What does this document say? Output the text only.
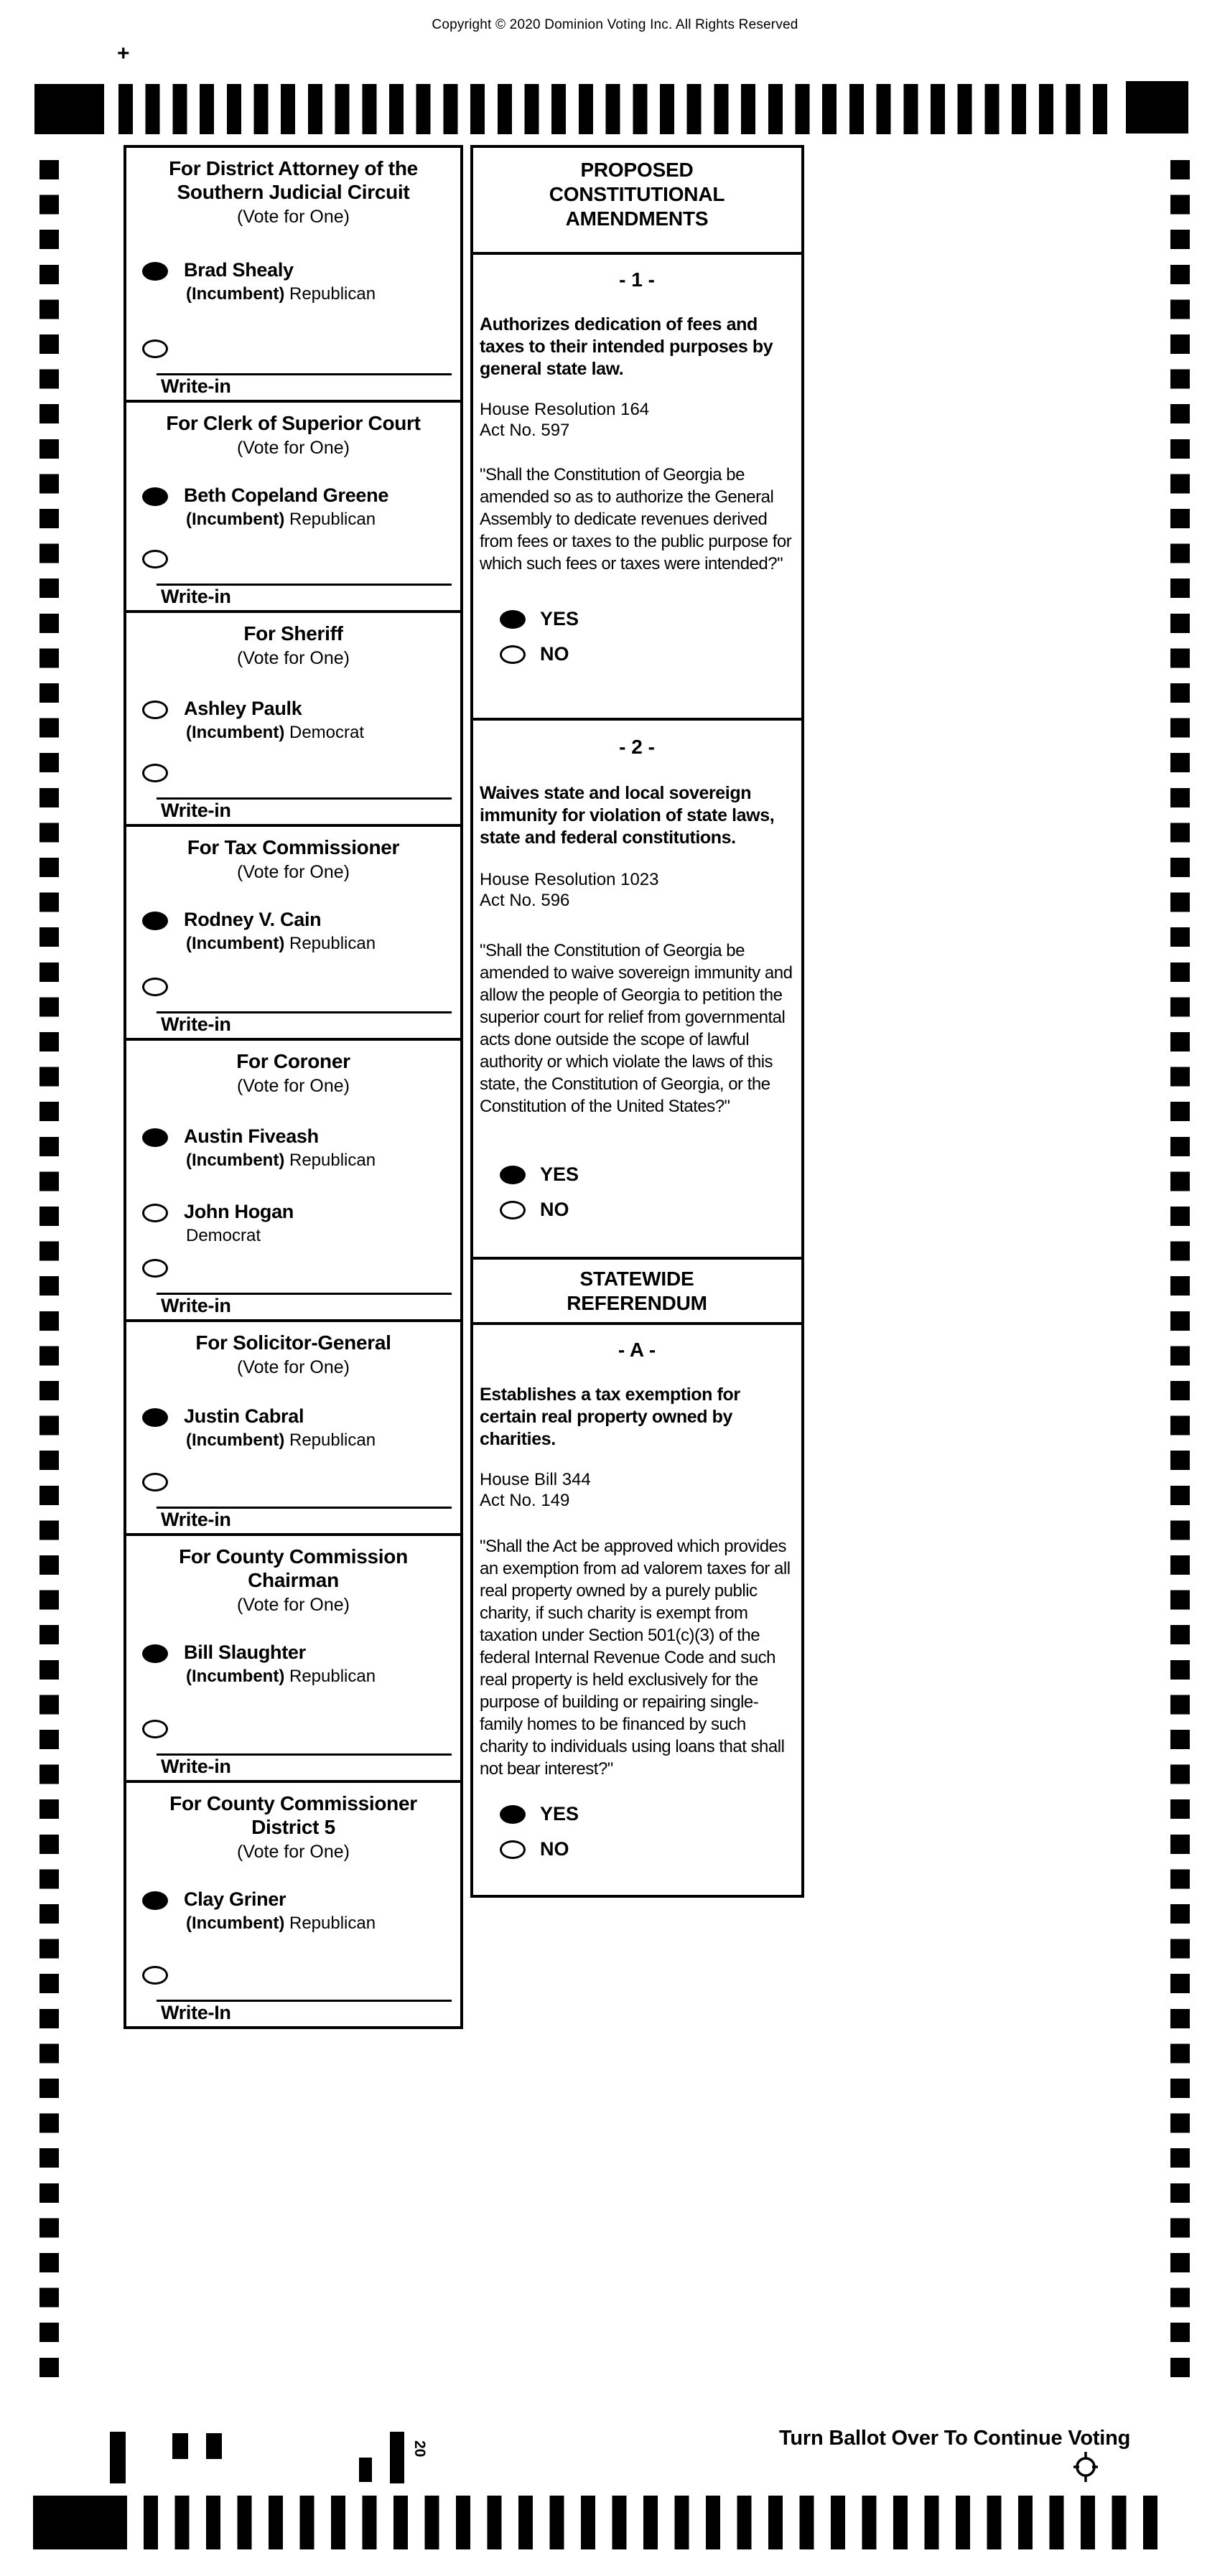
Copyright © 2020 Dominion Voting Inc. All Rights Reserved
+
For District Attorney of the
Southern Judicial Circuit
(Vote for One)
Brad Shealy
(Incumbent) Republican
Write-in
For Clerk of Superior Court
(Vote for One)
Beth Copeland Greene
(Incumbent) Republican
Write-in
For Sheriff
(Vote for One)
Ashley Paulk
(Incumbent) Democrat
Write-in
For Tax Commissioner
(Vote for One)
Rodney V. Cain
(Incumbent) Republican
Write-in
For Coroner
(Vote for One)
Austin Fiveash
(Incumbent) Republican
John Hogan
Democrat
Write-in
For Solicitor-General
(Vote for One)
Justin Cabral
(Incumbent) Republican
Write-in
For County Commission
Chairman
(Vote for One)
Bill Slaughter
(Incumbent) Republican
Write-in
For County Commissioner
District 5
(Vote for One)
Clay Griner
(Incumbent) Republican
Write-In
PROPOSED
CONSTITUTIONAL
AMENDMENTS
- 1 -
Authorizes dedication of fees and taxes to their intended purposes by general state law.
House Resolution 164
Act No. 597
"Shall the Constitution of Georgia be amended so as to authorize the General Assembly to dedicate revenues derived from fees or taxes to the public purpose for which such fees or taxes were intended?"
YES
NO
- 2 -
Waives state and local sovereign immunity for violation of state laws, state and federal constitutions.
House Resolution 1023
Act No. 596
"Shall the Constitution of Georgia be amended to waive sovereign immunity and allow the people of Georgia to petition the superior court for relief from governmental acts done outside the scope of lawful authority or which violate the laws of this state, the Constitution of Georgia, or the Constitution of the United States?"
YES
NO
STATEWIDE
REFERENDUM
- A -
Establishes a tax exemption for certain real property owned by charities.
House Bill 344
Act No. 149
"Shall the Act be approved which provides an exemption from ad valorem taxes for all real property owned by a purely public charity, if such charity is exempt from taxation under Section 501(c)(3) of the federal Internal Revenue Code and such real property is held exclusively for the purpose of building or repairing single-family homes to be financed by such charity to individuals using loans that shall not bear interest?"
YES
NO
Turn Ballot Over To Continue Voting
20
